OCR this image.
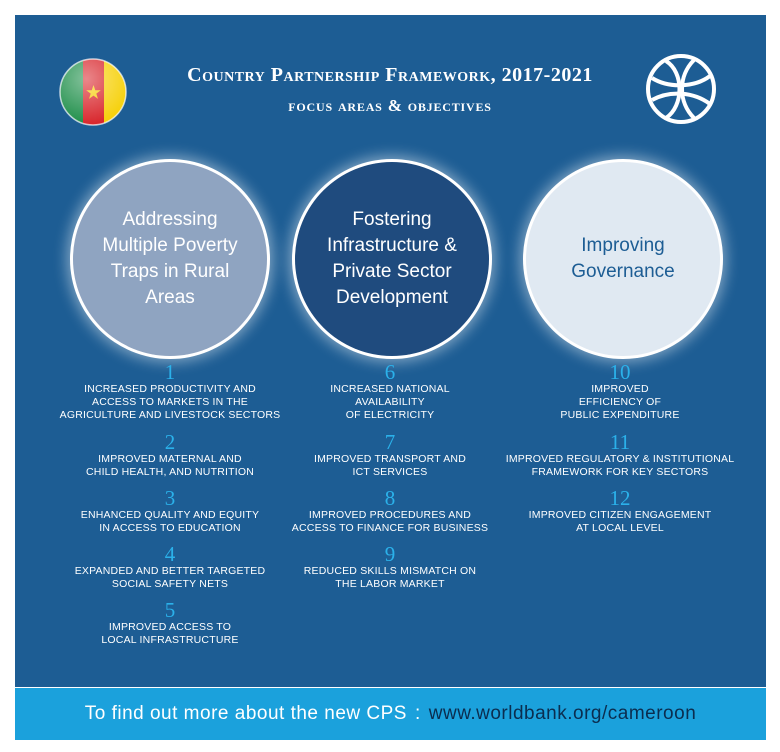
Country Partnership Framework, 2017-2021
focus areas & objectives
Addressing Multiple Poverty Traps in Rural Areas
Fostering Infrastructure & Private Sector Development
Improving Governance
1
INCREASED PRODUCTIVITY AND
ACCESS TO MARKETS IN THE
AGRICULTURE AND LIVESTOCK SECTORS
2
IMPROVED MATERNAL AND
CHILD HEALTH, AND NUTRITION
3
ENHANCED QUALITY AND EQUITY
IN ACCESS TO EDUCATION
4
EXPANDED AND BETTER TARGETED
SOCIAL SAFETY NETS
5
IMPROVED ACCESS TO
LOCAL INFRASTRUCTURE
6
INCREASED NATIONAL
AVAILABILITY
OF ELECTRICITY
7
IMPROVED TRANSPORT AND
ICT SERVICES
8
IMPROVED PROCEDURES AND
ACCESS TO FINANCE FOR BUSINESS
9
REDUCED SKILLS MISMATCH ON
THE LABOR MARKET
10
IMPROVED
EFFICIENCY OF
PUBLIC EXPENDITURE
11
IMPROVED REGULATORY & INSTITUTIONAL
FRAMEWORK FOR KEY SECTORS
12
IMPROVED CITIZEN ENGAGEMENT
AT LOCAL LEVEL
To find out more about the new CPS : www.worldbank.org/cameroon
